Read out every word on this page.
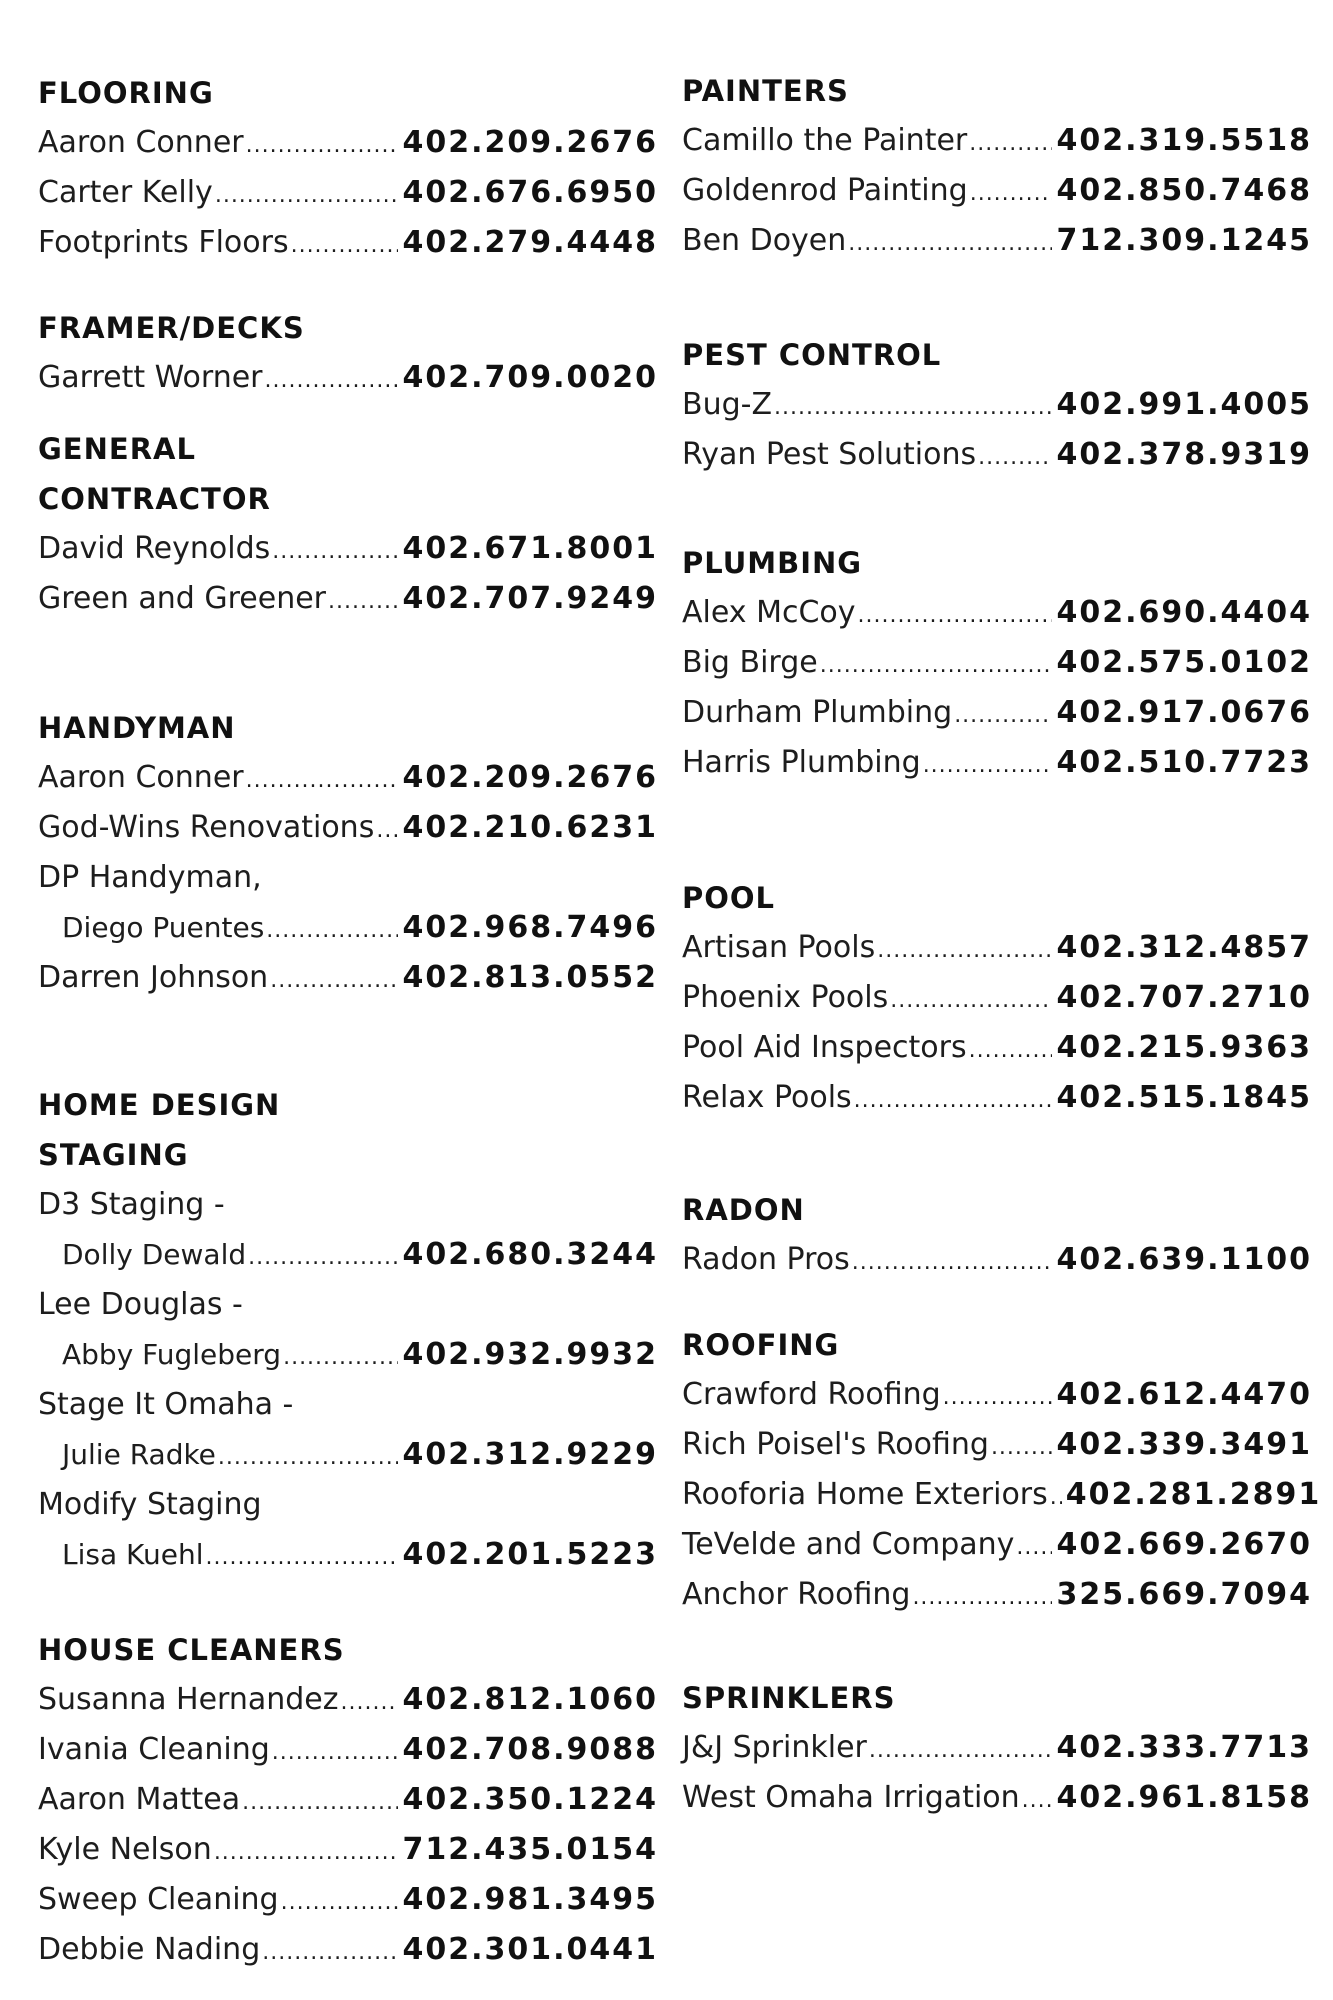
FLOORING
Aaron Conner .....	402.209.2676
Carter Kelly .....	402.676.6950
Footprints Floors .....	402.279.4448
FRAMER/DECKS
Garrett Worner .....	402.709.0020
GENERAL
CONTRACTOR
David Reynolds .....	402.671.8001
Green and Greener .....	402.707.9249
HANDYMAN
Aaron Conner .....	402.209.2676
God-Wins Renovations ..... 402.210.6231
DP Handyman,
Diego Puentes .....	402.968.7496
Darren Johnson .....	402.813.0552
HOME DESIGN
STAGING
D3 Staging -
Dolly Dewald .....	402.680.3244
Lee Douglas -
Abby Fugleberg .....	402.932.9932
Stage It Omaha -
Julie Radke .....	402.312.9229
Modify Staging
Lisa Kuehl .....	402.201.5223
HOUSE CLEANERS
Susanna Hernandez ..... 402.812.1060
Ivania Cleaning .....	402.708.9088
Aaron Mattea .....	402.350.1224
Kyle Nelson .....	712.435.0154
Sweep Cleaning .....	402.981.3495
Debbie Nading .....	402.301.0441
PAINTERS
Camillo the Painter .....	402.319.5518
Goldenrod Painting .....	402.850.7468
Ben Doyen .....	712.309.1245
PEST CONTROL
Bug-Z .....	402.991.4005
Ryan Pest Solutions .....	402.378.9319
PLUMBING
Alex McCoy .....	402.690.4404
Big Birge .....	402.575.0102
Durham Plumbing .....	402.917.0676
Harris Plumbing .....	402.510.7723
POOL
Artisan Pools .....	402.312.4857
Phoenix Pools .....	402.707.2710
Pool Aid Inspectors .....	402.215.9363
Relax Pools .....	402.515.1845
RADON
Radon Pros .....	402.639.1100
ROOFING
Crawford Roofing .....	402.612.4470
Rich Poisel's Roofing ..... 402.339.3491
Rooforia Home Exteriors ..... 402.281.2891
TeVelde and Company ..... 402.669.2670
Anchor Roofing .....	325.669.7094
SPRINKLERS
J&J Sprinkler .....	402.333.7713
West Omaha Irrigation ..... 402.961.8158
